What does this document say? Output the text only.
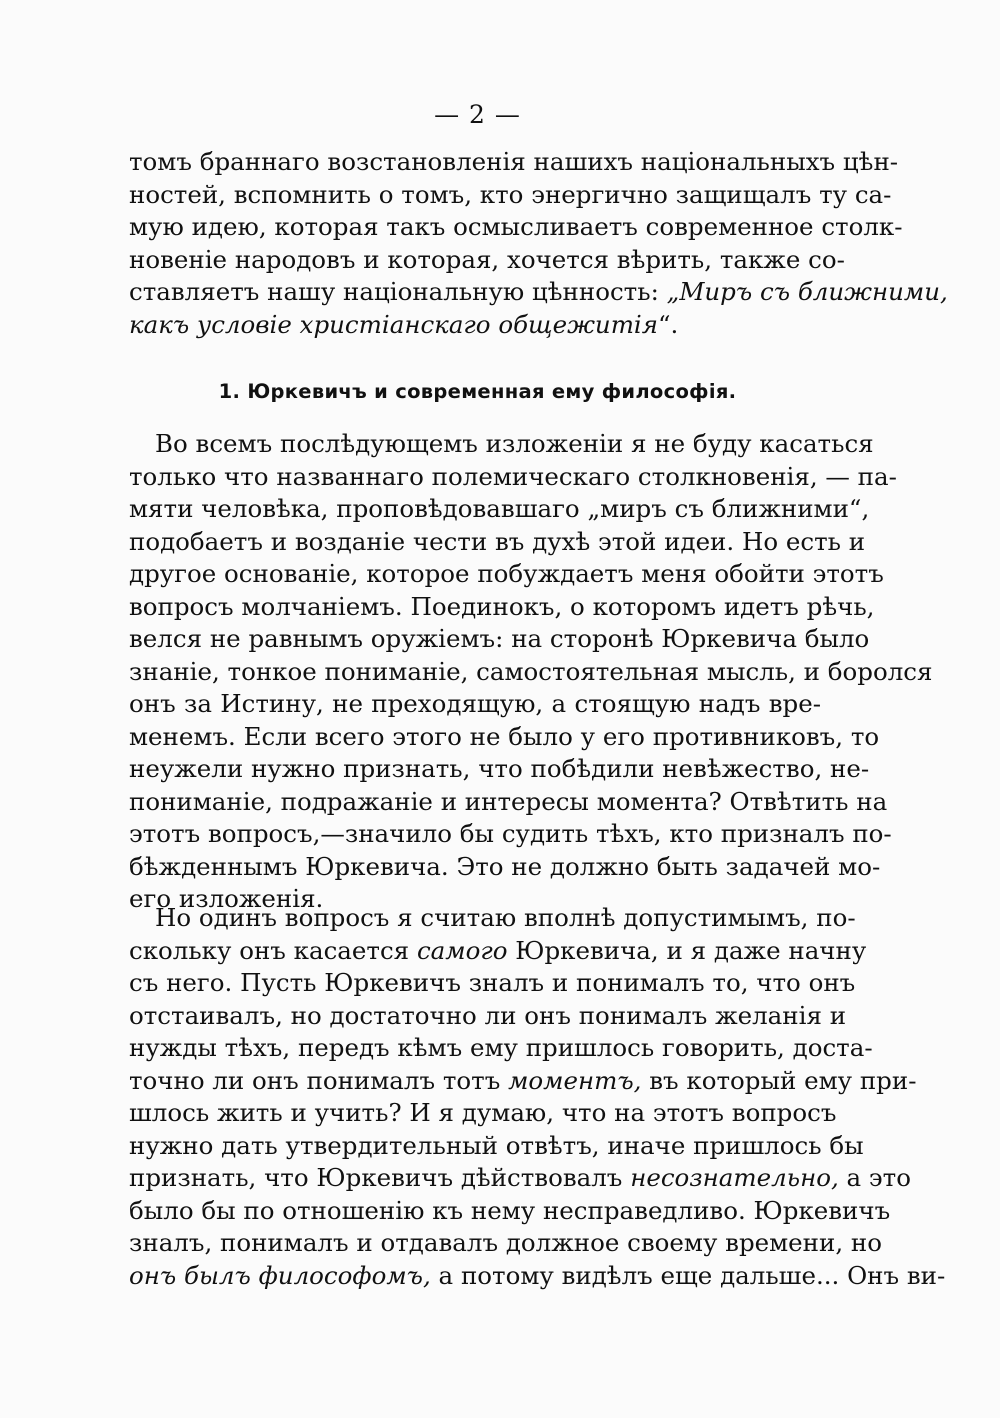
— 2 —
томъ браннаго возстановленія нашихъ національныхъ цѣн-
ностей, вспомнить о томъ, кто энергично защищалъ ту са-
мую идею, которая такъ осмысливаетъ современное столк-
новеніе народовъ и которая, хочется вѣрить, также со-
ставляетъ нашу національную цѣнность: „Миръ съ ближними,
какъ условіе христіанскаго общежитія“.
1. Юркевичъ и современная ему философія.
Во всемъ послѣдующемъ изложеніи я не буду касаться
только что названнаго полемическаго столкновенія, — па-
мяти человѣка, проповѣдовавшаго „миръ съ ближними“,
подобаетъ и возданіе чести въ духѣ этой идеи. Но есть и
другое основаніе, которое побуждаетъ меня обойти этотъ
вопросъ молчаніемъ. Поединокъ, о которомъ идетъ рѣчь,
велся не равнымъ оружіемъ: на сторонѣ Юркевича было
знаніе, тонкое пониманіе, самостоятельная мысль, и боролся
онъ за Истину, не преходящую, а стоящую надъ вре-
менемъ. Если всего этого не было у его противниковъ, то
неужели нужно признать, что побѣдили невѣжество, не-
пониманіе, подражаніе и интересы момента? Отвѣтить на
этотъ вопросъ,—значило бы судить тѣхъ, кто призналъ по-
бѣжденнымъ Юркевича. Это не должно быть задачей мо-
его изложенія.
Но одинъ вопросъ я считаю вполнѣ допустимымъ, по-
скольку онъ касается самого Юркевича, и я даже начну
съ него. Пусть Юркевичъ зналъ и понималъ то, что онъ
отстаивалъ, но достаточно ли онъ понималъ желанія и
нужды тѣхъ, передъ кѣмъ ему пришлось говорить, доста-
точно ли онъ понималъ тотъ моментъ, въ который ему при-
шлось жить и учить? И я думаю, что на этотъ вопросъ
нужно дать утвердительный отвѣтъ, иначе пришлось бы
признать, что Юркевичъ дѣйствовалъ несознательно, а это
было бы по отношенію къ нему несправедливо. Юркевичъ
зналъ, понималъ и отдавалъ должное своему времени, но
онъ былъ философомъ, а потому видѣлъ еще дальше... Онъ ви-
